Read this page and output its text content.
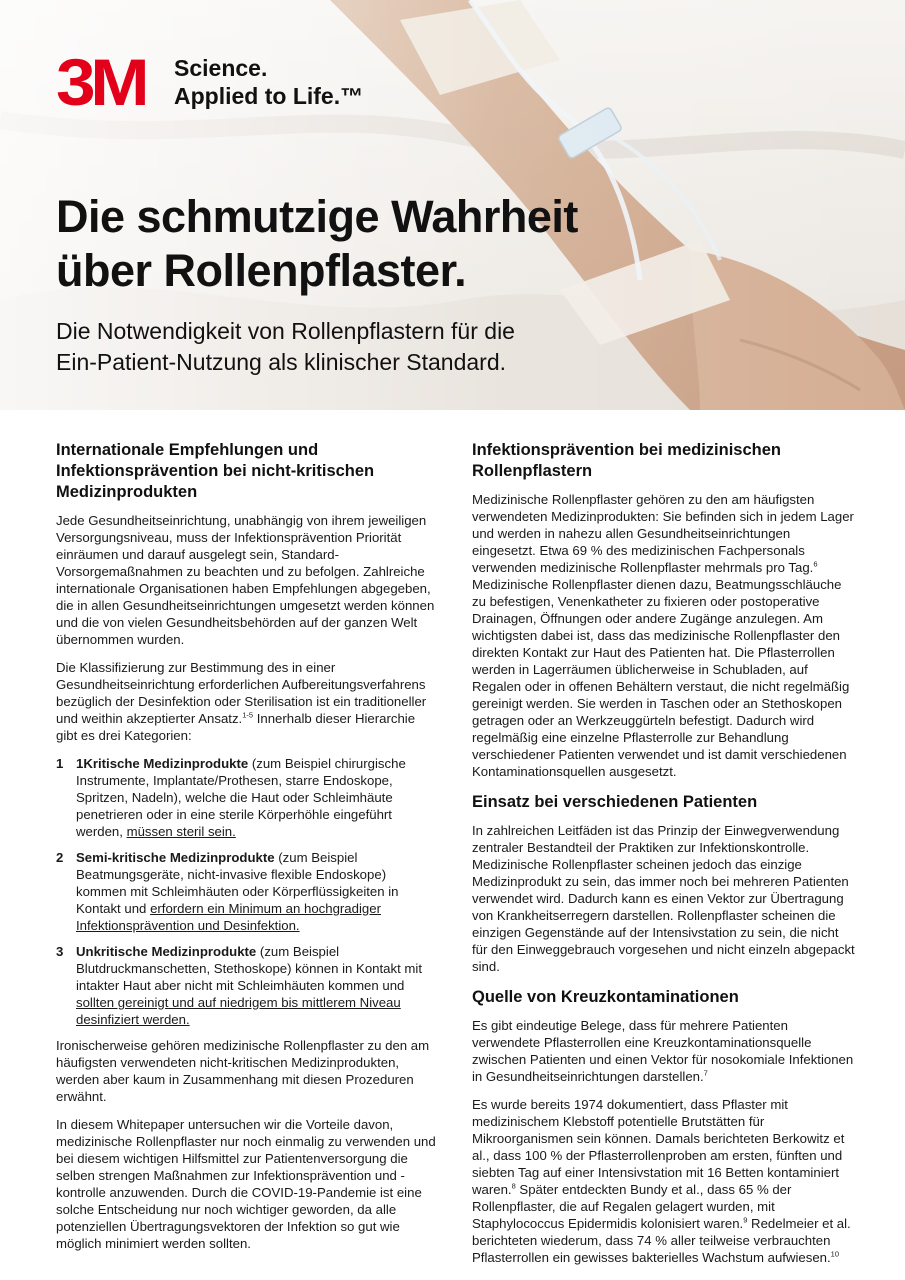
3M	Science.
Applied to Life.™
Die schmutzige Wahrheit
über Rollenpflaster.
Die Notwendigkeit von Rollenpflastern für die
Ein-Patient-Nutzung als klinischer Standard.
Internationale Empfehlungen und Infektionsprävention bei nicht-kritischen Medizinprodukten

Jede Gesundheitseinrichtung, unabhängig von ihrem jeweiligen Versorgungsniveau, muss der Infektionsprävention Priorität einräumen und darauf ausgelegt sein, Standard-Vorsorgemaßnahmen zu beachten und zu befolgen. Zahlreiche internationale Organisationen haben Empfehlungen abgegeben, die in allen Gesundheitseinrichtungen umgesetzt werden können und die von vielen Gesundheitsbehörden auf der ganzen Welt übernommen wurden.

Die Klassifizierung zur Bestimmung des in einer Gesundheitseinrichtung erforderlichen Aufbereitungsverfahrens bezüglich der Desinfektion oder Sterilisation ist ein traditioneller und weithin akzeptierter Ansatz.$^{1-5}$ Innerhalb dieser Hierarchie gibt es drei Kategorien:

1 1Kritische Medizinprodukte (zum Beispiel chirurgische Instrumente, Implantate/Prothesen, starre Endoskope, Spritzen, Nadeln), welche die Haut oder Schleimhäute penetrieren oder in eine sterile Körperhöhle eingeführt werden, müssen steril sein.
2 Semi-kritische Medizinprodukte (zum Beispiel Beatmungsgeräte, nicht-invasive flexible Endoskope) kommen mit Schleimhäuten oder Körperflüssigkeiten in Kontakt und erfordern ein Minimum an hochgradiger Infektionsprävention und Desinfektion.
3 Unkritische Medizinprodukte (zum Beispiel Blutdruckmanschetten, Stethoskope) können in Kontakt mit intakter Haut aber nicht mit Schleimhäuten kommen und sollten gereinigt und auf niedrigem bis mittlerem Niveau desinfiziert werden.

Ironischerweise gehören medizinische Rollenpflaster zu den am häufigsten verwendeten nicht-kritischen Medizinprodukten, werden aber kaum in Zusammenhang mit diesen Prozeduren erwähnt.

In diesem Whitepaper untersuchen wir die Vorteile davon, medizinische Rollenpflaster nur noch einmalig zu verwenden und bei diesem wichtigen Hilfsmittel zur Patientenversorgung die selben strengen Maßnahmen zur Infektionsprävention und -kontrolle anzuwenden. Durch die COVID-19-Pandemie ist eine solche Entscheidung nur noch wichtiger geworden, da alle potenziellen Übertragungsvektoren der Infektion so gut wie möglich minimiert werden sollten.

Infektionsprävention bei medizinischen Rollenpflastern

Medizinische Rollenpflaster gehören zu den am häufigsten verwendeten Medizinprodukten: Sie befinden sich in jedem Lager und werden in nahezu allen Gesundheitseinrichtungen eingesetzt. Etwa 69 % des medizinischen Fachpersonals verwenden medizinische Rollenpflaster mehrmals pro Tag.$^6$ Medizinische Rollenpflaster dienen dazu, Beatmungsschläuche zu befestigen, Venenkatheter zu fixieren oder postoperative Drainagen, Öffnungen oder andere Zugänge anzulegen. Am wichtigsten dabei ist, dass das medizinische Rollenpflaster den direkten Kontakt zur Haut des Patienten hat. Die Pflasterrollen werden in Lagerräumen üblicherweise in Schubladen, auf Regalen oder in offenen Behältern verstaut, die nicht regelmäßig gereinigt werden. Sie werden in Taschen oder an Stethoskopen getragen oder an Werkzeuggürteln befestigt. Dadurch wird regelmäßig eine einzelne Pflasterrolle zur Behandlung verschiedener Patienten verwendet und ist damit verschiedenen Kontaminationsquellen ausgesetzt.

Einsatz bei verschiedenen Patienten

In zahlreichen Leitfäden ist das Prinzip der Einwegverwendung zentraler Bestandteil der Praktiken zur Infektionskontrolle. Medizinische Rollenpflaster scheinen jedoch das einzige Medizinprodukt zu sein, das immer noch bei mehreren Patienten verwendet wird. Dadurch kann es einen Vektor zur Übertragung von Krankheitserregern darstellen. Rollenpflaster scheinen die einzigen Gegenstände auf der Intensivstation zu sein, die nicht für den Einweggebrauch vorgesehen und nicht einzeln abgepackt sind.

Quelle von Kreuzkontaminationen

Es gibt eindeutige Belege, dass für mehrere Patienten verwendete Pflasterrollen eine Kreuzkontaminationsquelle zwischen Patienten und einen Vektor für nosokomiale Infektionen in Gesundheitseinrichtungen darstellen.$^7$

Es wurde bereits 1974 dokumentiert, dass Pflaster mit medizinischem Klebstoff potentielle Brutstätten für Mikroorganismen sein können. Damals berichteten Berkowitz et al., dass 100 % der Pflasterrollenproben am ersten, fünften und siebten Tag auf einer Intensivstation mit 16 Betten kontaminiert waren.$^8$ Später entdeckten Bundy et al., dass 65 % der Rollenpflaster, die auf Regalen gelagert wurden, mit Staphylococcus Epidermidis kolonisiert waren.$^9$ Redelmeier et al. berichteten wiederum, dass 74 % aller teilweise verbrauchten Pflasterrollen ein gewisses bakterielles Wachstum aufwiesen.$^{10}$
